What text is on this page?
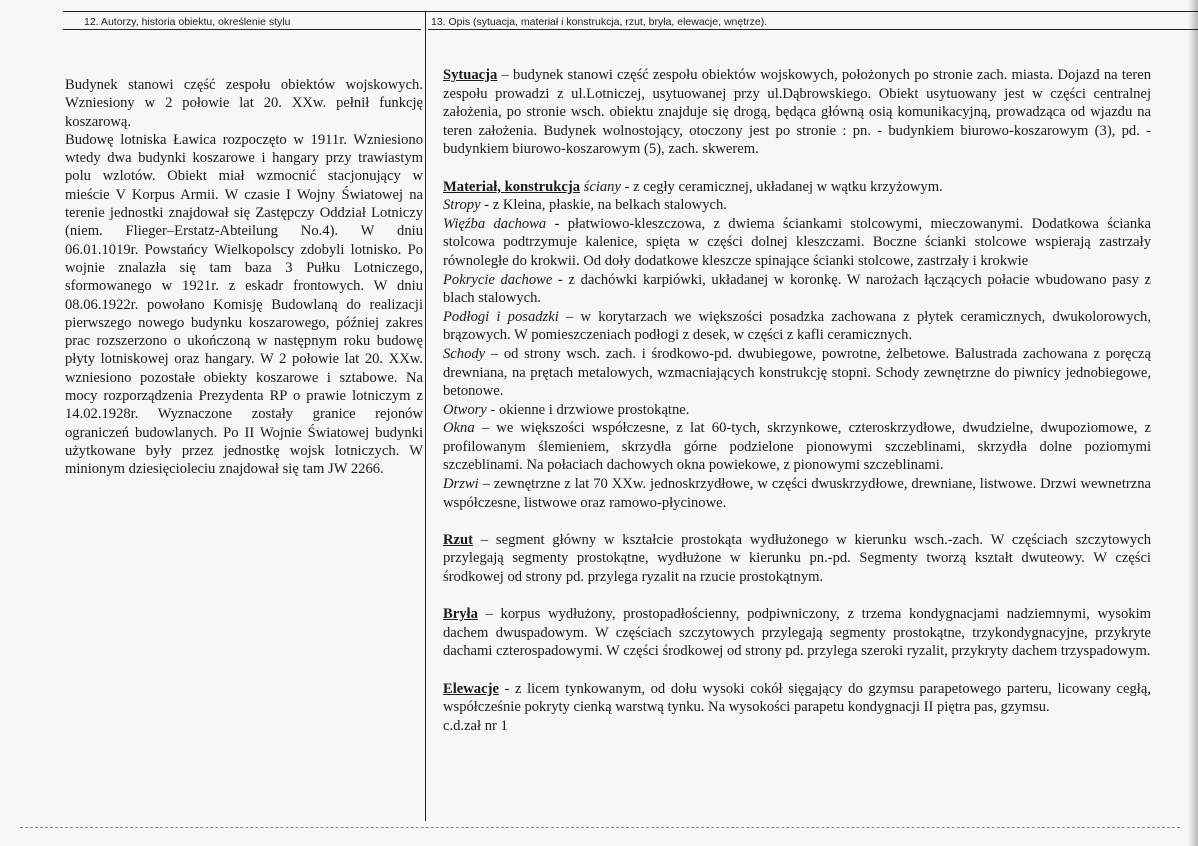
12. Autorzy, historia obiektu, określenie stylu	13. Opis (sytuacja, materiał i konstrukcja, rzut, bryła, elewacje, wnętrze).

Budynek stanowi część zespołu obiektów wojskowych. Wzniesiony w 2 połowie lat 20. XXw. pełnił funkcję koszarową.

Budowę lotniska Ławica rozpoczęto w 1911r. Wzniesiono wtedy dwa budynki koszarowe i hangary przy trawiastym polu wzlotów. Obiekt miał wzmocnić stacjonujący w mieście V Korpus Armii. W czasie I Wojny Światowej na terenie jednostki znajdował się Zastępczy Oddział Lotniczy (niem. Flieger–Erstatz-Abteilung No.4). W dniu 06.01.1019r. Powstańcy Wielkopolscy zdobyli lotnisko. Po wojnie znalazła się tam baza 3 Pułku Lotniczego, sformowanego w 1921r. z eskadr frontowych. W dniu 08.06.1922r. powołano Komisję Budowlaną do realizacji pierwszego nowego budynku koszarowego, później zakres prac rozszerzono o ukończoną w następnym roku budowę płyty lotniskowej oraz hangary. W 2 połowie lat 20. XXw. wzniesiono pozostałe obiekty koszarowe i sztabowe. Na mocy rozporządzenia Prezydenta RP o prawie lotniczym z 14.02.1928r. Wyznaczone zostały granice rejonów ograniczeń budowlanych. Po II Wojnie Światowej budynki użytkowane były przez jednostkę wojsk lotniczych. W minionym dziesięcioleciu znajdował się tam JW 2266.

Sytuacja – budynek stanowi część zespołu obiektów wojskowych, położonych po stronie zach. miasta. Dojazd na teren zespołu prowadzi z ul.Lotniczej, usytuowanej przy ul.Dąbrowskiego. Obiekt usytuowany jest w części centralnej założenia, po stronie wsch. obiektu znajduje się drogą, będąca główną osią komunikacyjną, prowadząca od wjazdu na teren założenia. Budynek wolnostojący, otoczony jest po stronie : pn. - budynkiem biurowo-koszarowym (3), pd. - budynkiem biurowo-koszarowym (5), zach. skwerem.
Materiał, konstrukcja ściany - z cegły ceramicznej, układanej w wątku krzyżowym.
Stropy - z Kleina, płaskie, na belkach stalowych.
Więźba dachowa - płatwiowo-kleszczowa, z dwiema ściankami stolcowymi, mieczowanymi. Dodatkowa ścianka stolcowa podtrzymuje kalenice, spięta w części dolnej kleszczami. Boczne ścianki stolcowe wspierają zastrzały równoległe do krokwii. Od doły dodatkowe kleszcze spinające ścianki stolcowe, zastrzały i krokwie
Pokrycie dachowe - z dachówki karpiówki, układanej w koronkę. W narożach łączących połacie wbudowano pasy z blach stalowych.
Podłogi i posadzki – w korytarzach we większości posadzka zachowana z płytek ceramicznych, dwukolorowych, brązowych. W pomieszczeniach podłogi z desek, w części z kafli ceramicznych.
Schody – od strony wsch. zach. i środkowo-pd. dwubiegowe, powrotne, żelbetowe. Balustrada zachowana z poręczą drewniana, na prętach metalowych, wzmacniających konstrukcję stopni. Schody zewnętrzne do piwnicy jednobiegowe, betonowe.
Otwory - okienne i drzwiowe prostokątne.
Okna – we większości współczesne, z lat 60-tych, skrzynkowe, czteroskrzydłowe, dwudzielne, dwupoziomowe, z profilowanym ślemieniem, skrzydła górne podzielone pionowymi szczeblinami, skrzydła dolne poziomymi szczeblinami. Na połaciach dachowych okna powiekowe, z pionowymi szczeblinami.
Drzwi – zewnętrzne z lat 70 XXw. jednoskrzydłowe, w części dwuskrzydłowe, drewniane, listwowe. Drzwi wewnetrzna współczesne, listwowe oraz ramowo-płycinowe.
Rzut – segment główny w kształcie prostokąta wydłużonego w kierunku wsch.-zach. W częściach szczytowych przylegają segmenty prostokątne, wydłużone w kierunku pn.-pd. Segmenty tworzą kształt dwuteowy. W części środkowej od strony pd. przylega ryzalit na rzucie prostokątnym.
Bryła – korpus wydłużony, prostopadłościenny, podpiwniczony, z trzema kondygnacjami nadziemnymi, wysokim dachem dwuspadowym. W częściach szczytowych przylegają segmenty prostokątne, trzykondygnacyjne, przykryte dachami czterospadowymi. W części środkowej od strony pd. przylega szeroki ryzalit, przykryty dachem trzyspadowym.
Elewacje - z licem tynkowanym, od dołu wysoki cokół sięgający do gzymsu parapetowego parteru, licowany cegłą, współcześnie pokryty cienką warstwą tynku. Na wysokości parapetu kondygnacji II piętra pas, gzymsu.
c.d.zał nr 1
